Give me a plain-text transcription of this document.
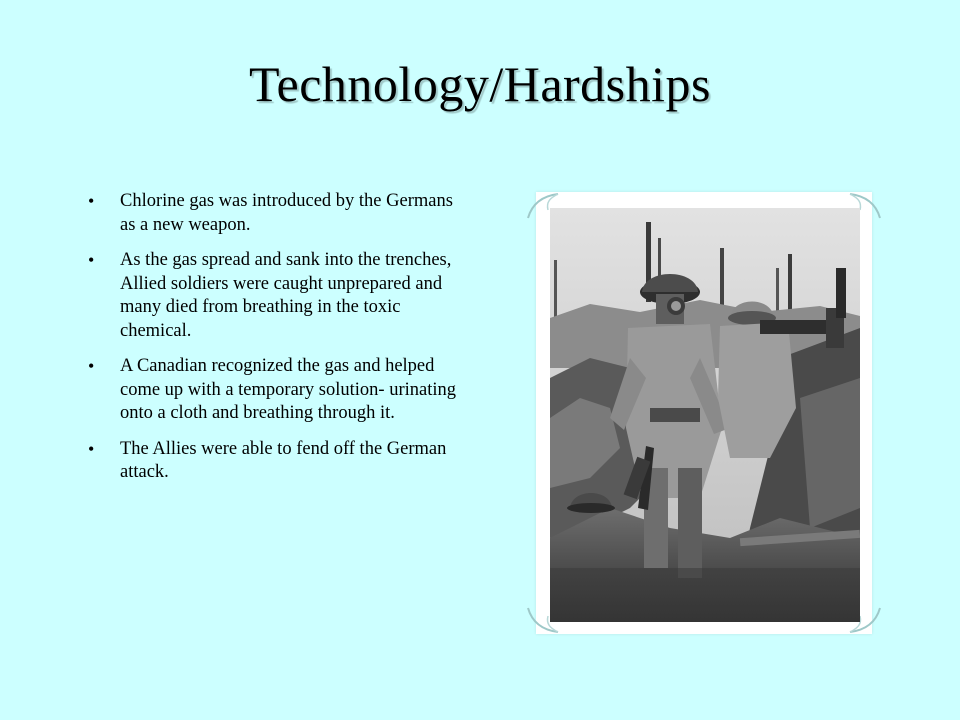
Technology/Hardships
• Chlorine gas was introduced by the Germans as a new weapon.
• As the gas spread and sank into the trenches, Allied soldiers were caught unprepared and many died from breathing in the toxic chemical.
• A Canadian recognized the gas and helped come up with a temporary solution- urinating onto a cloth and breathing through it.
• The Allies were able to fend off the German attack.
